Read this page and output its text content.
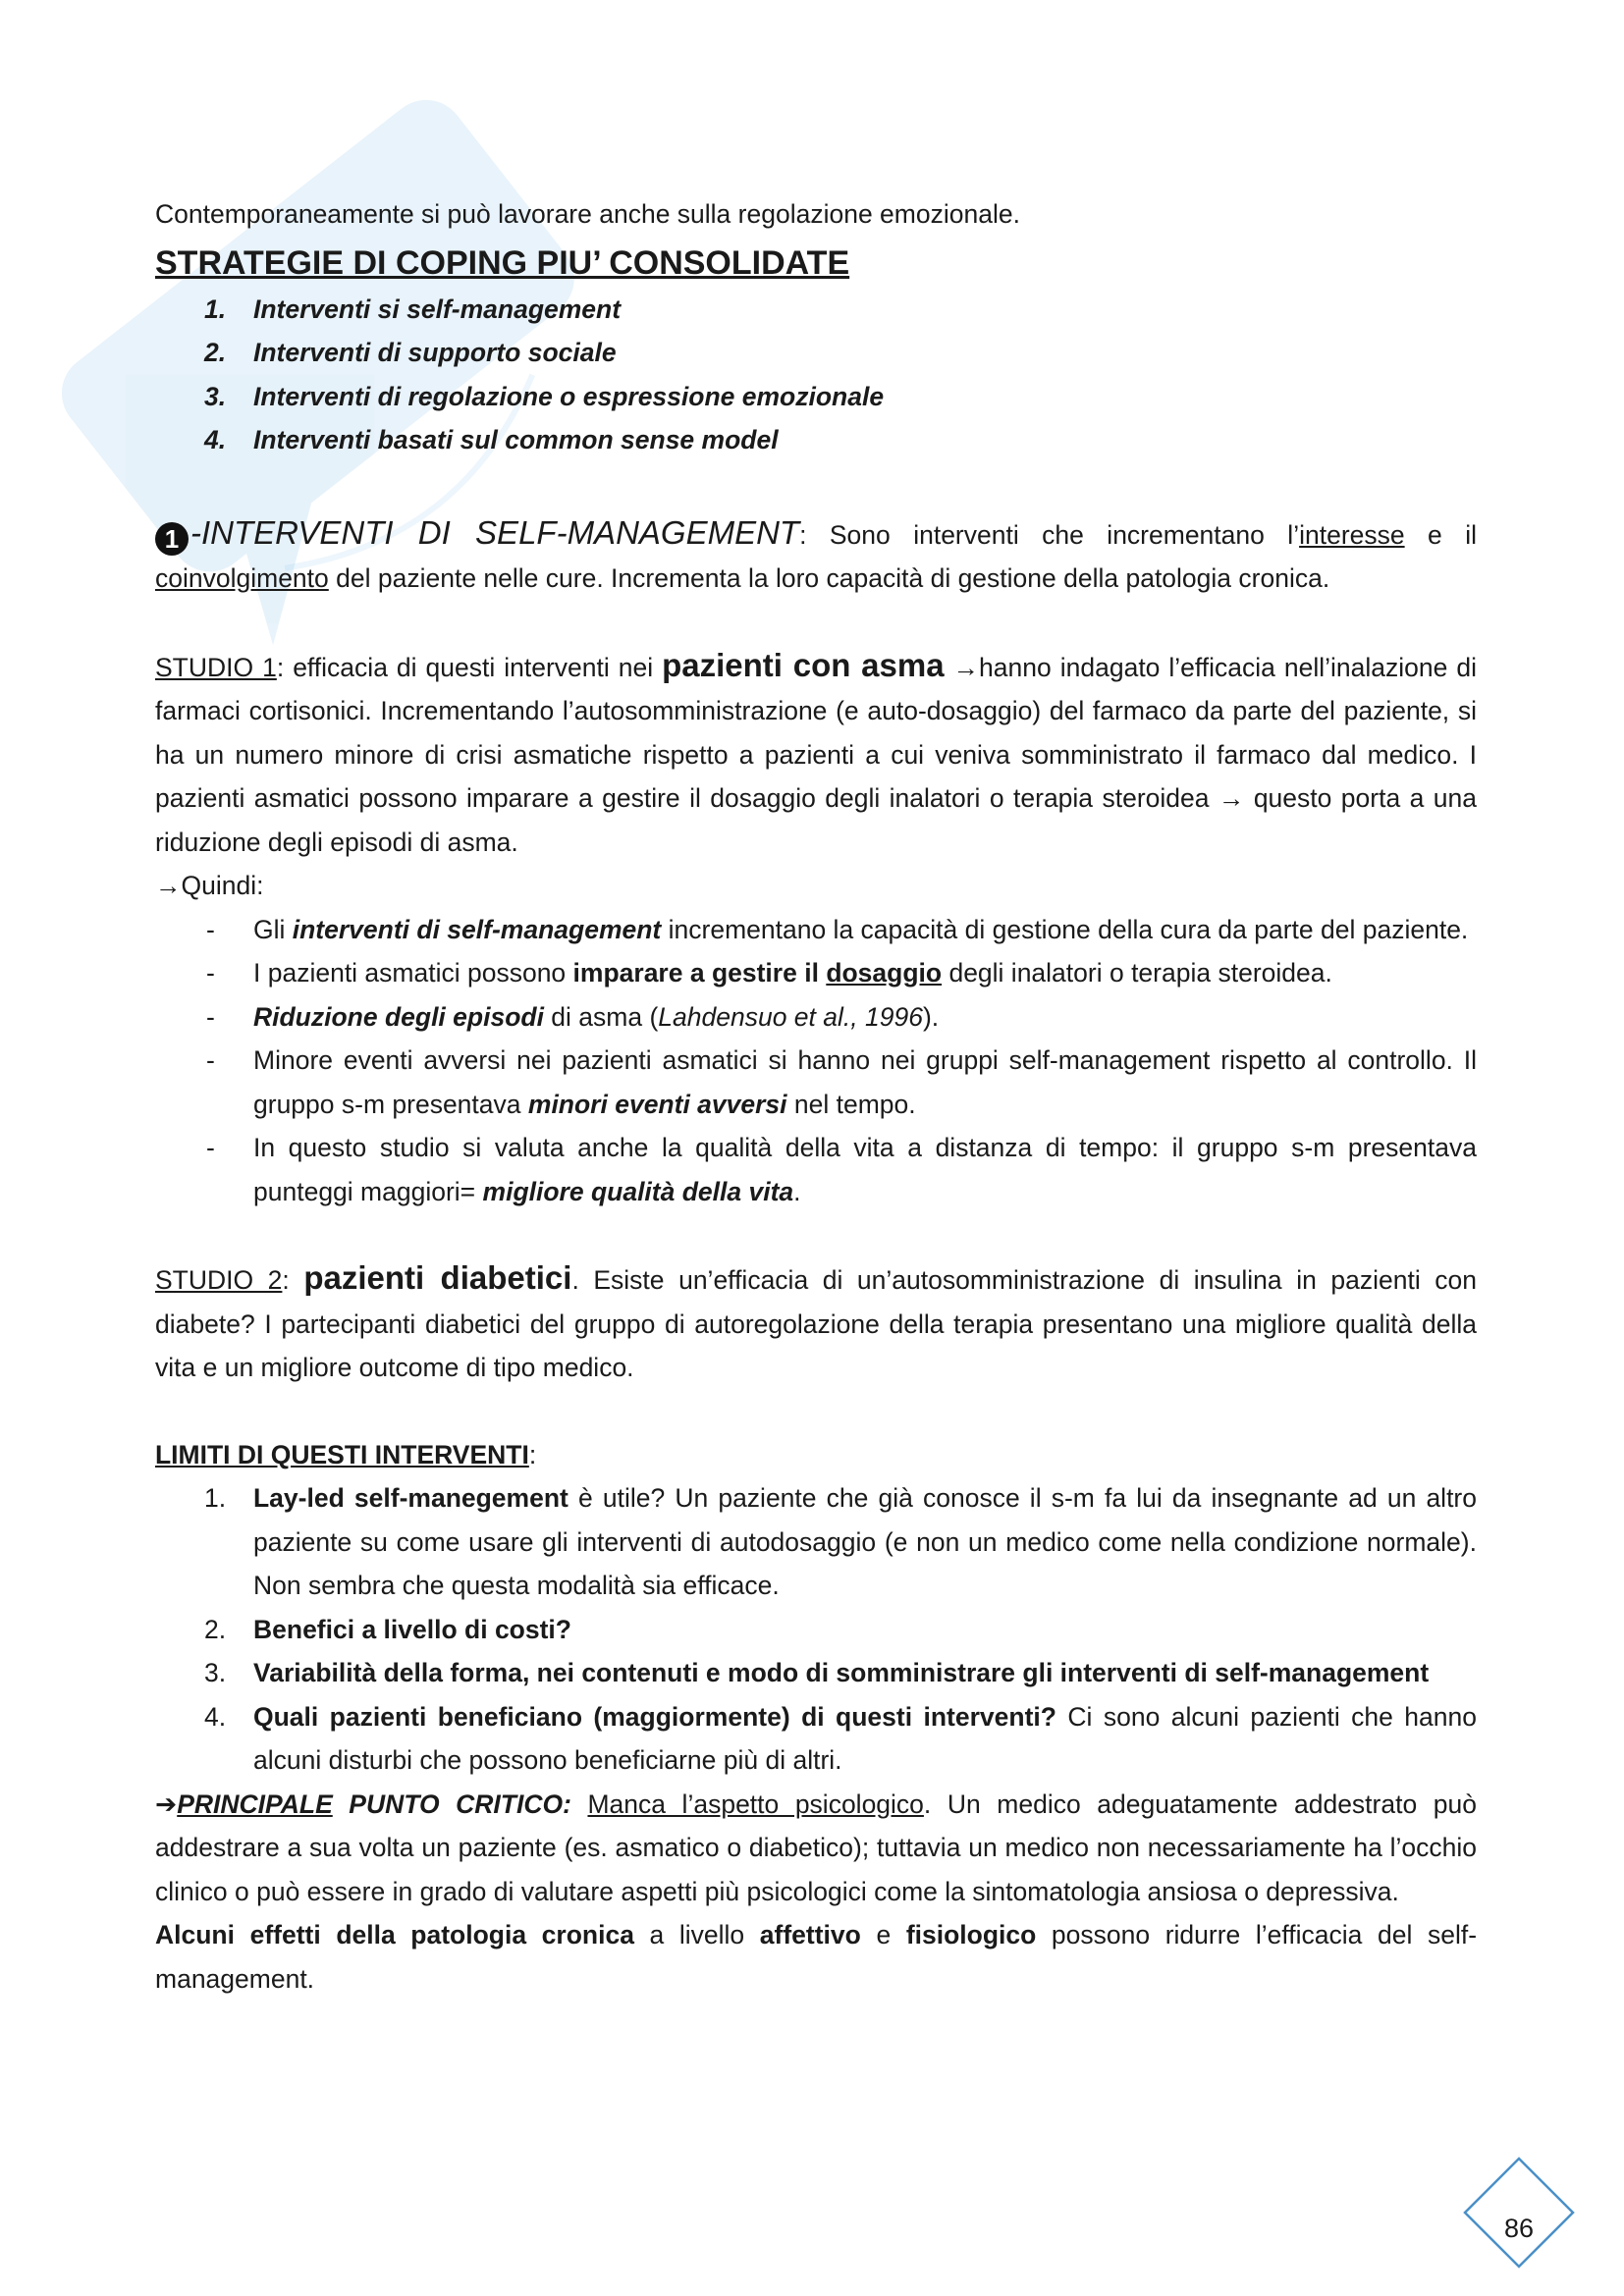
Contemporaneamente si può lavorare anche sulla regolazione emozionale.

STRATEGIE DI COPING PIU’ CONSOLIDATE

1. Interventi si self-management
2. Interventi di supporto sociale
3. Interventi di regolazione o espressione emozionale
4. Interventi basati sul common sense model

1 -INTERVENTI DI SELF-MANAGEMENT: Sono interventi che incrementano l’interesse e il coinvolgimento del paziente nelle cure. Incrementa la loro capacità di gestione della patologia cronica.

STUDIO 1: efficacia di questi interventi nei pazienti con asma →hanno indagato l’efficacia nell’inalazione di farmaci cortisonici. Incrementando l’autosomministrazione (e auto-dosaggio) del farmaco da parte del paziente, si ha un numero minore di crisi asmatiche rispetto a pazienti a cui veniva somministrato il farmaco dal medico. I pazienti asmatici possono imparare a gestire il dosaggio degli inalatori o terapia steroidea → questo porta a una riduzione degli episodi di asma.

→Quindi:

- Gli interventi di self-management incrementano la capacità di gestione della cura da parte del paziente.
- I pazienti asmatici possono imparare a gestire il dosaggio degli inalatori o terapia steroidea.
- Riduzione degli episodi di asma (Lahdensuo et al., 1996).
- Minore eventi avversi nei pazienti asmatici si hanno nei gruppi self-management rispetto al controllo. Il gruppo s-m presentava minori eventi avversi nel tempo.
- In questo studio si valuta anche la qualità della vita a distanza di tempo: il gruppo s-m presentava punteggi maggiori= migliore qualità della vita.

STUDIO 2: pazienti diabetici. Esiste un’efficacia di un’autosomministrazione di insulina in pazienti con diabete? I partecipanti diabetici del gruppo di autoregolazione della terapia presentano una migliore qualità della vita e un migliore outcome di tipo medico.

LIMITI DI QUESTI INTERVENTI:

1. Lay-led self-manegement è utile? Un paziente che già conosce il s-m fa lui da insegnante ad un altro paziente su come usare gli interventi di autodosaggio (e non un medico come nella condizione normale). Non sembra che questa modalità sia efficace.
2. Benefici a livello di costi?
3. Variabilità della forma, nei contenuti e modo di somministrare gli interventi di self-management
4. Quali pazienti beneficiano (maggiormente) di questi interventi? Ci sono alcuni pazienti che hanno alcuni disturbi che possono beneficiarne più di altri.

➔PRINCIPALE PUNTO CRITICO: Manca l’aspetto psicologico. Un medico adeguatamente addestrato può addestrare a sua volta un paziente (es. asmatico o diabetico); tuttavia un medico non necessariamente ha l’occhio clinico o può essere in grado di valutare aspetti più psicologici come la sintomatologia ansiosa o depressiva.

Alcuni effetti della patologia cronica a livello affettivo e fisiologico possono ridurre l’efficacia del self-management.

86
